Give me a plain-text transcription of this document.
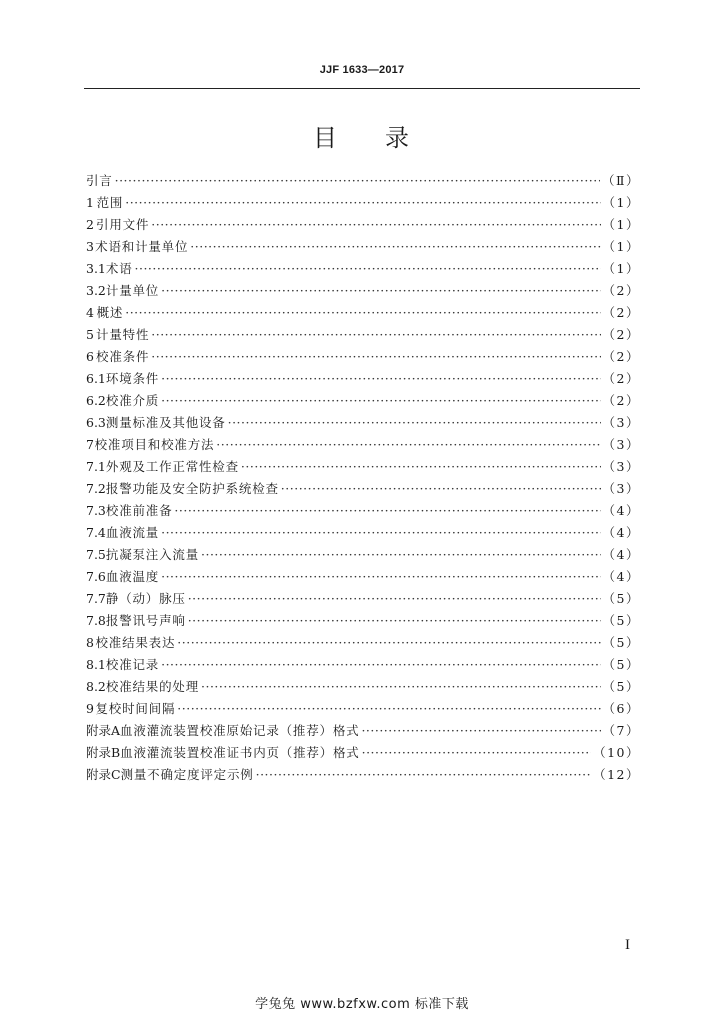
JJF 1633—2017
目 录
引言 ·····	（Ⅱ）
1 范围 ·····	（1）
2 引用文件 ·····	（1）
3 术语和计量单位 ·····	（1）
3.1 术语 ·····	（1）
3.2 计量单位 ·····	（2）
4 概述 ·····	（2）
5 计量特性 ·····	（2）
6 校准条件 ·····	（2）
6.1 环境条件 ·····	（2）
6.2 校准介质 ·····	（2）
6.3 测量标准及其他设备 ·····	（3）
7 校准项目和校准方法 ·····	（3）
7.1 外观及工作正常性检查 ·····	（3）
7.2 报警功能及安全防护系统检查 ·····	（3）
7.3 校准前准备 ·····	（4）
7.4 血液流量 ·····	（4）
7.5 抗凝泵注入流量 ·····	（4）
7.6 血液温度 ·····	（4）
7.7 静（动）脉压 ·····	（5）
7.8 报警讯号声响 ·····	（5）
8 校准结果表达 ·····	（5）
8.1 校准记录 ·····	（5）
8.2 校准结果的处理 ·····	（5）
9 复校时间间隔 ·····	（6）
附录A 血液灌流装置校准原始记录（推荐）格式 ·····	（7）
附录B 血液灌流装置校准证书内页（推荐）格式 ·····	（10）
附录C 测量不确定度评定示例 ·····	（12）
I
学兔兔 www.bzfxw.com 标准下载
